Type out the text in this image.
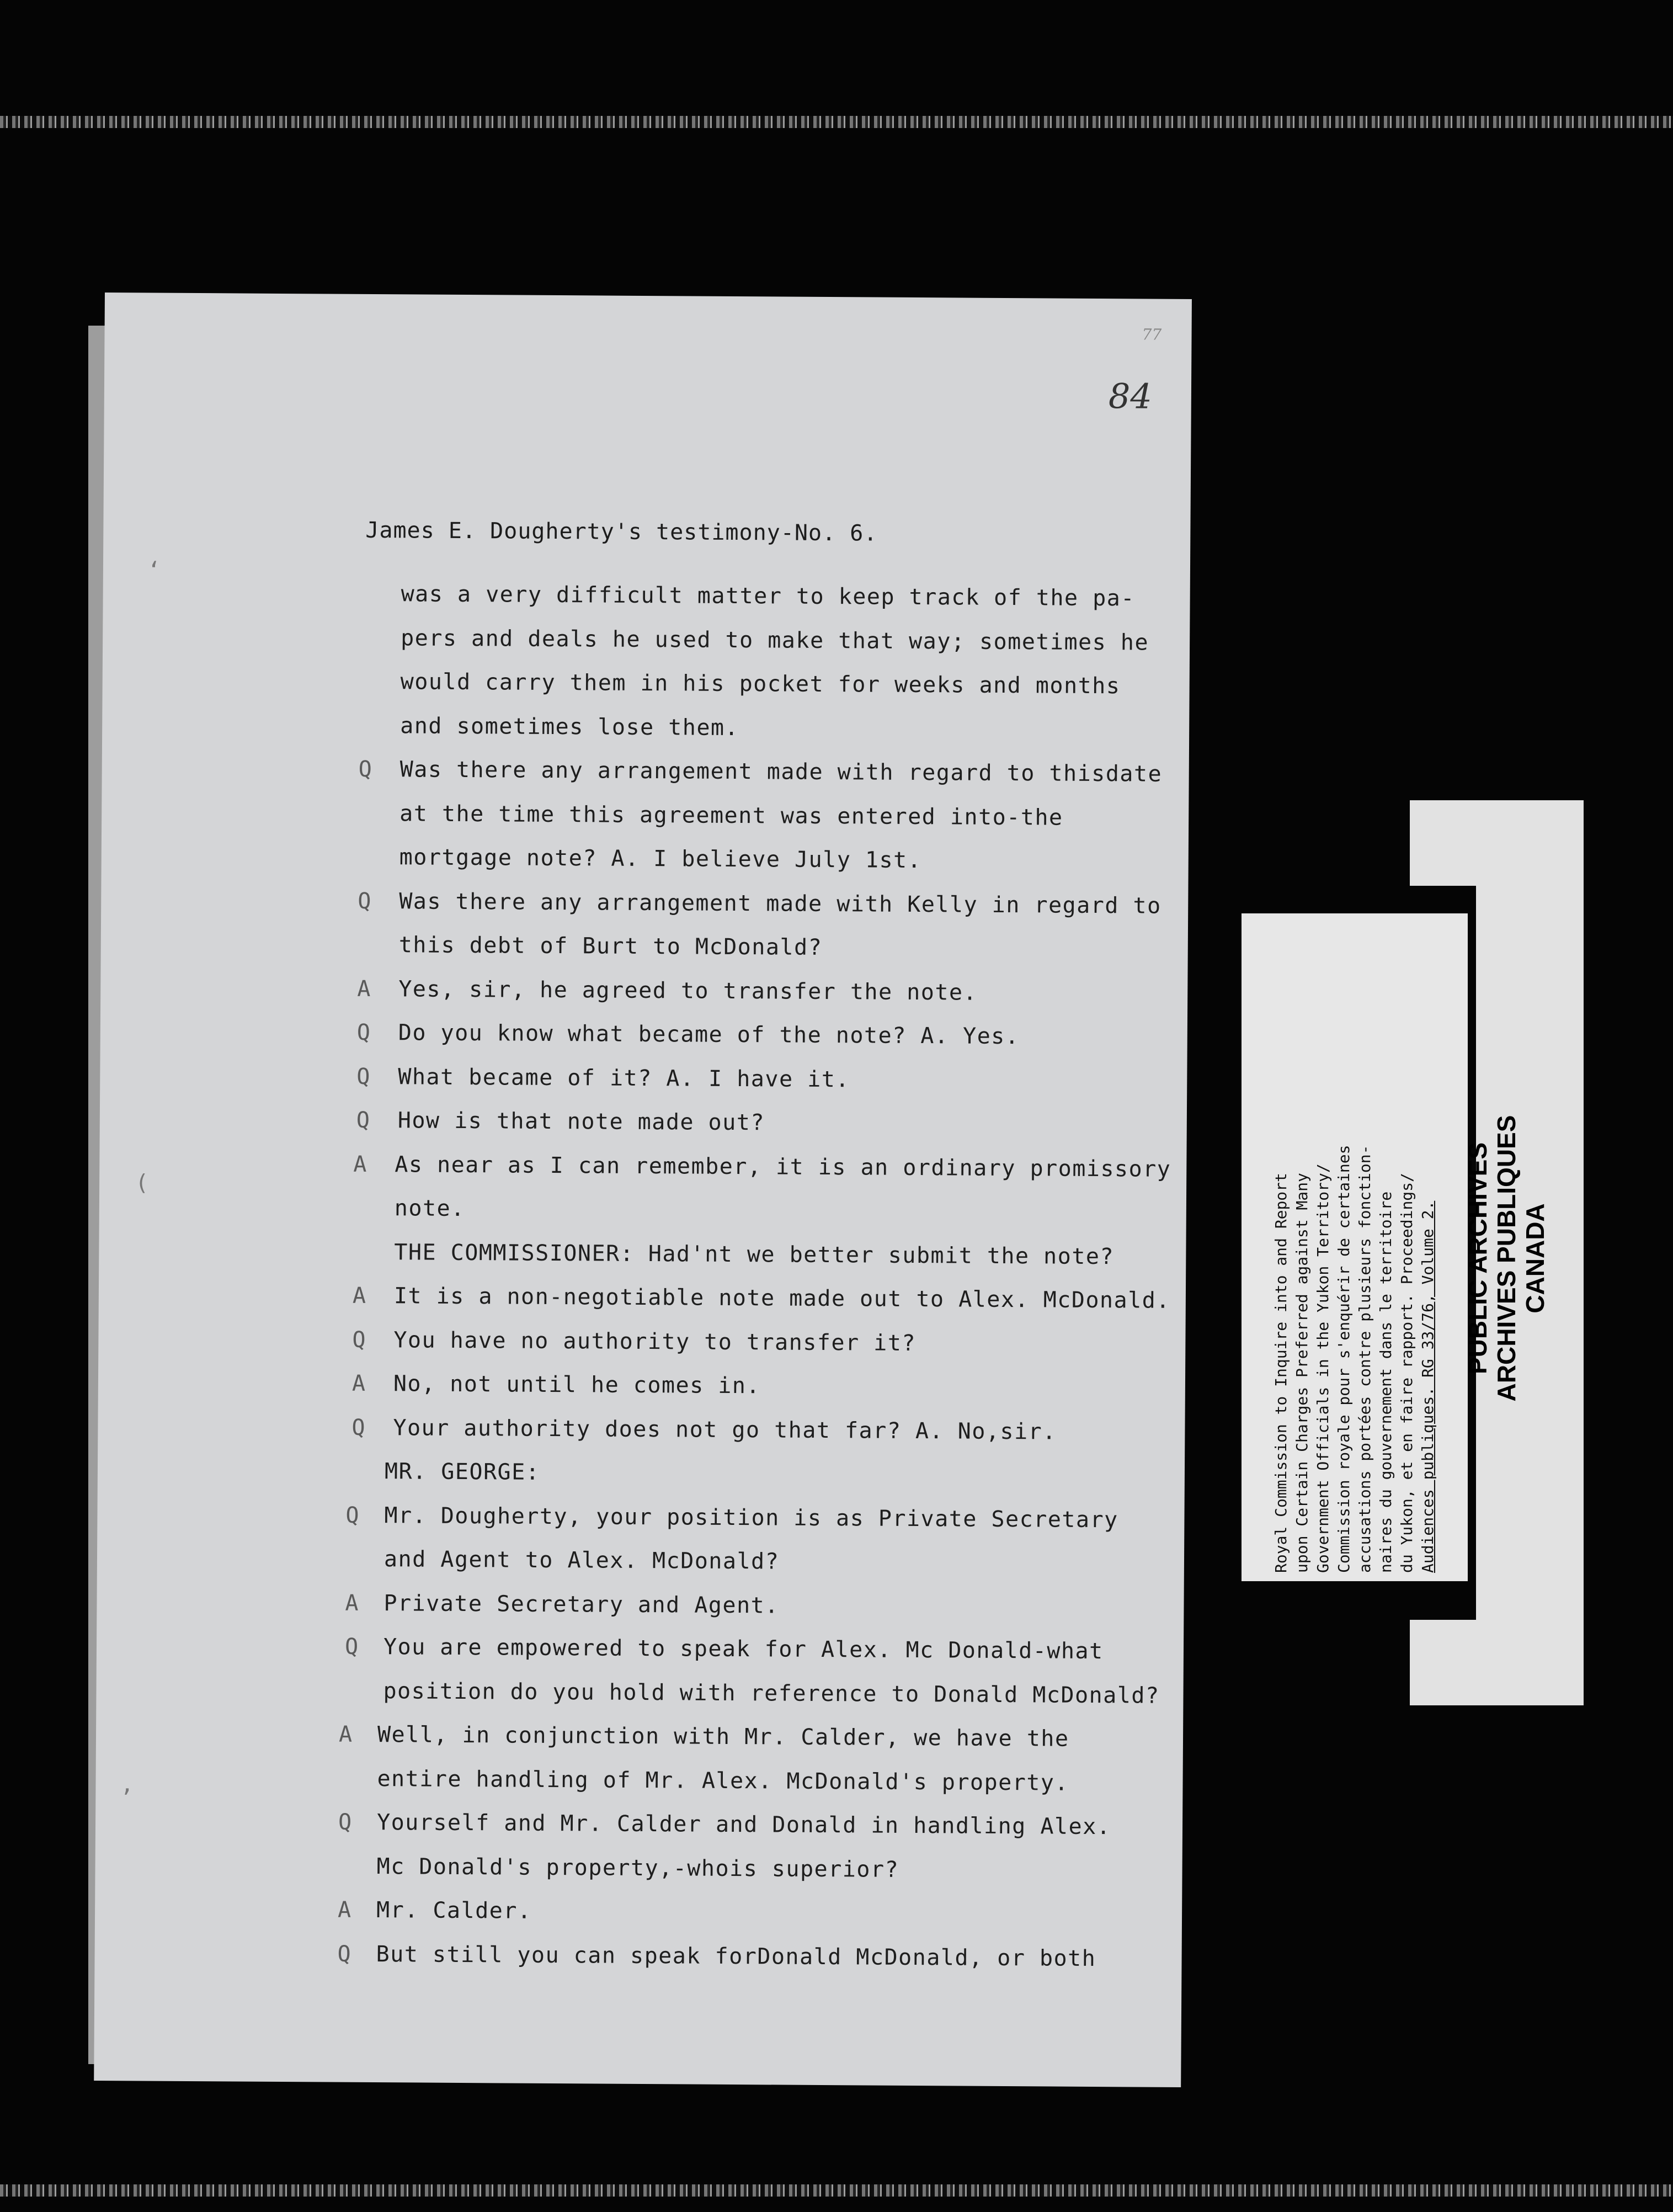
77
84
James E. Dougherty's testimony-No. 6.
‘
(
‚
was a very difficult matter to keep track of the pa-
pers and deals he used to make that way; sometimes he
would carry them in his pocket for weeks and months
and sometimes lose them.
Q Was there any arrangement made with regard to thisdate
at the time this agreement was entered into-the
mortgage note? A. I believe July 1st.
Q Was there any arrangement made with Kelly in regard to
this debt of Burt to McDonald?
A Yes, sir, he agreed to transfer the note.
Q Do you know what became of the note? A. Yes.
Q What became of it? A. I have it.
Q How is that note made out?
A As near as I can remember, it is an ordinary promissory
note.
THE COMMISSIONER: Had'nt we better submit the note?
A It is a non-negotiable note made out to Alex. McDonald.
Q You have no authority to transfer it?
A No, not until he comes in.
Q Your authority does not go that far? A. No,sir.
MR. GEORGE:
Q Mr. Dougherty, your position is as Private Secretary
and Agent to Alex. McDonald?
A Private Secretary and Agent.
Q You are empowered to speak for Alex. Mc Donald-what
position do you hold with reference to Donald McDonald?
A Well, in conjunction with Mr. Calder, we have the
entire handling of Mr. Alex. McDonald's property.
Q Yourself and Mr. Calder and Donald in handling Alex.
Mc Donald's property,-whois superior?
A Mr. Calder.
Q But still you can speak forDonald McDonald, or both
Royal Commission to Inquire into and Report upon Certain Charges Preferred against Many Government Officials in the Yukon Territory/ Commission royale pour s'enquérir de certaines accusations portées contre plusieurs fonction- naires du gouvernement dans le territoire du Yukon, et en faire rapport. Proceedings/ Audiences publiques. RG 33/76, Volume 2. PUBLIC ARCHIVES ARCHIVES PUBLIQUES CANADA
